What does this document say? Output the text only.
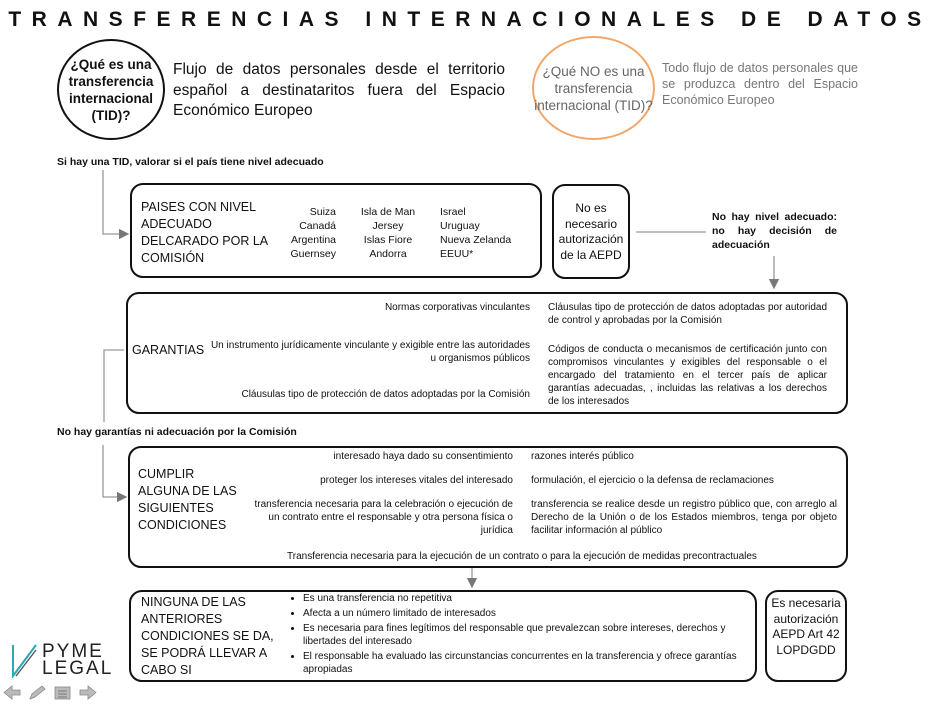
TRANSFERENCIAS INTERNACIONALES DE DATOS
¿Qué es una transferencia internacional (TID)?
Flujo de datos personales desde el territorio español a destinataritos fuera del Espacio Económico Europeo
¿Qué NO es una transferencia internacional (TID)?
Todo flujo de datos personales que se produzca dentro del Espacio Económico Europeo
Si hay una TID, valorar si el país tiene nivel adecuado
PAISES CON NIVEL ADECUADO DELCARADO POR LA COMISIÓN
Suiza
Canadá
Argentina
Guernsey
Isla de Man
Jersey
Islas Fiore
Andorra
Israel
Uruguay
Nueva Zelanda
EEUU*
No es necesario autorización de la AEPD
No hay nivel adecuado: no hay decisión de adecuación
GARANTIAS
Normas corporativas vinculantes
Un instrumento jurídicamente vinculante y exigible entre las autoridades u organismos públicos
Cláusulas tipo de protección de datos adoptadas por la Comisión
Cláusulas tipo de protección de datos adoptadas por autoridad de control y aprobadas por la Comisión
Códigos de conducta o mecanismos de certificación junto con compromisos vinculantes y exigibles del responsable o el encargado del tratamiento en el tercer país de aplicar garantías adecuadas, , incluidas las relativas a los derechos de los interesados
No hay garantías ni adecuación por la Comisión
CUMPLIR ALGUNA DE LAS SIGUIENTES CONDICIONES
interesado haya dado su consentimiento
proteger los intereses vitales del interesado
transferencia necesaria para la celebración o ejecución de un contrato entre el responsable y otra persona física o jurídica
razones interés público
formulación, el ejercicio o la defensa de reclamaciones
transferencia se realice desde un registro público que, con arreglo al Derecho de la Unión o de los Estados miembros, tenga por objeto facilitar información al público
Transferencia necesaria para la ejecución de un contrato o para la ejecución de medidas precontractuales
NINGUNA DE LAS ANTERIORES CONDICIONES SE DA, SE PODRÁ LLEVAR A CABO SI
• Es una transferencia no repetitiva
• Afecta a un número limitado de interesados
• Es necesaria para fines legítimos del responsable que prevalezcan sobre intereses, derechos y libertades del interesado
• El responsable ha evaluado las circunstancias concurrentes en la transferencia y ofrece garantías apropiadas
Es necesaria autorización AEPD Art 42 LOPDGDD
PYME
LEGAL
